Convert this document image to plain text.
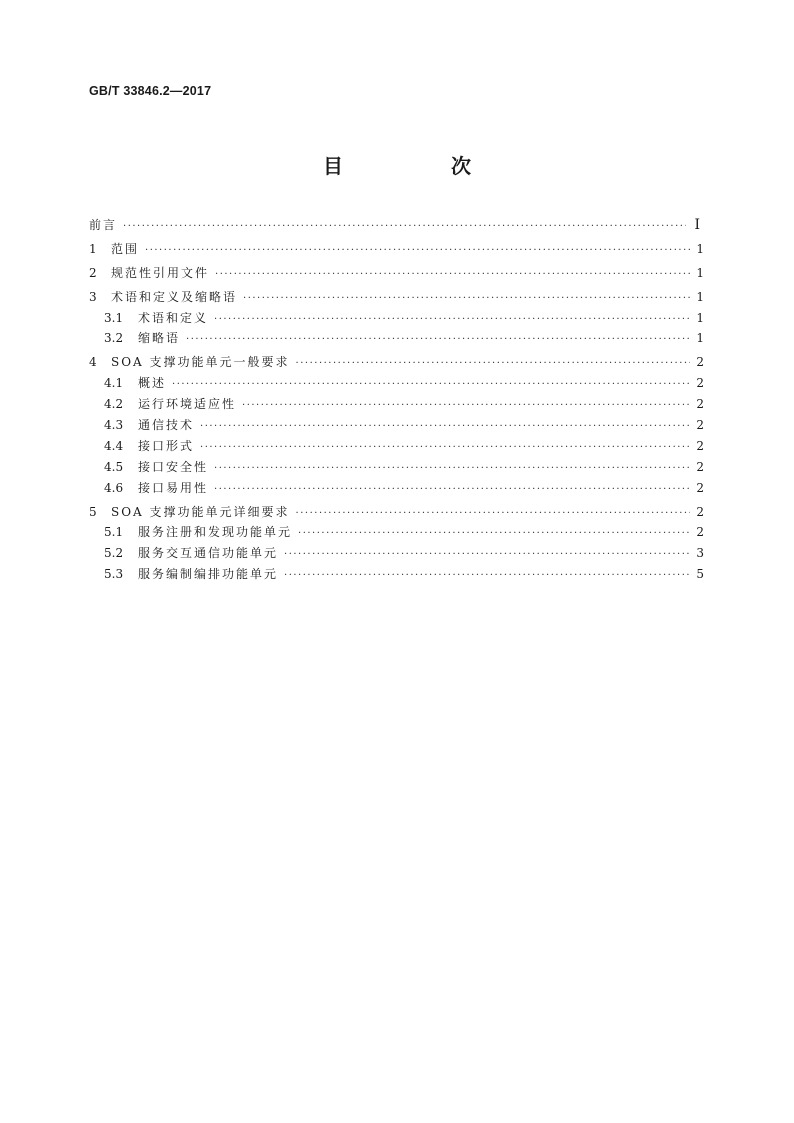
GB/T 33846.2—2017
目　次
前言 ·····	I
1	范围 ·····	1
2	规范性引用文件 ·····	1
3	术语和定义及缩略语 ·····	1
3.1	术语和定义 ·····	1
3.2	缩略语 ·····	1
4	SOA 支撑功能单元一般要求 ·····	2
4.1	概述 ·····	2
4.2	运行环境适应性 ·····	2
4.3	通信技术 ·····	2
4.4	接口形式 ·····	2
4.5	接口安全性 ·····	2
4.6	接口易用性 ·····	2
5	SOA 支撑功能单元详细要求 ·····	2
5.1	服务注册和发现功能单元 ·····	2
5.2	服务交互通信功能单元 ·····	3
5.3	服务编制编排功能单元 ·····	5
